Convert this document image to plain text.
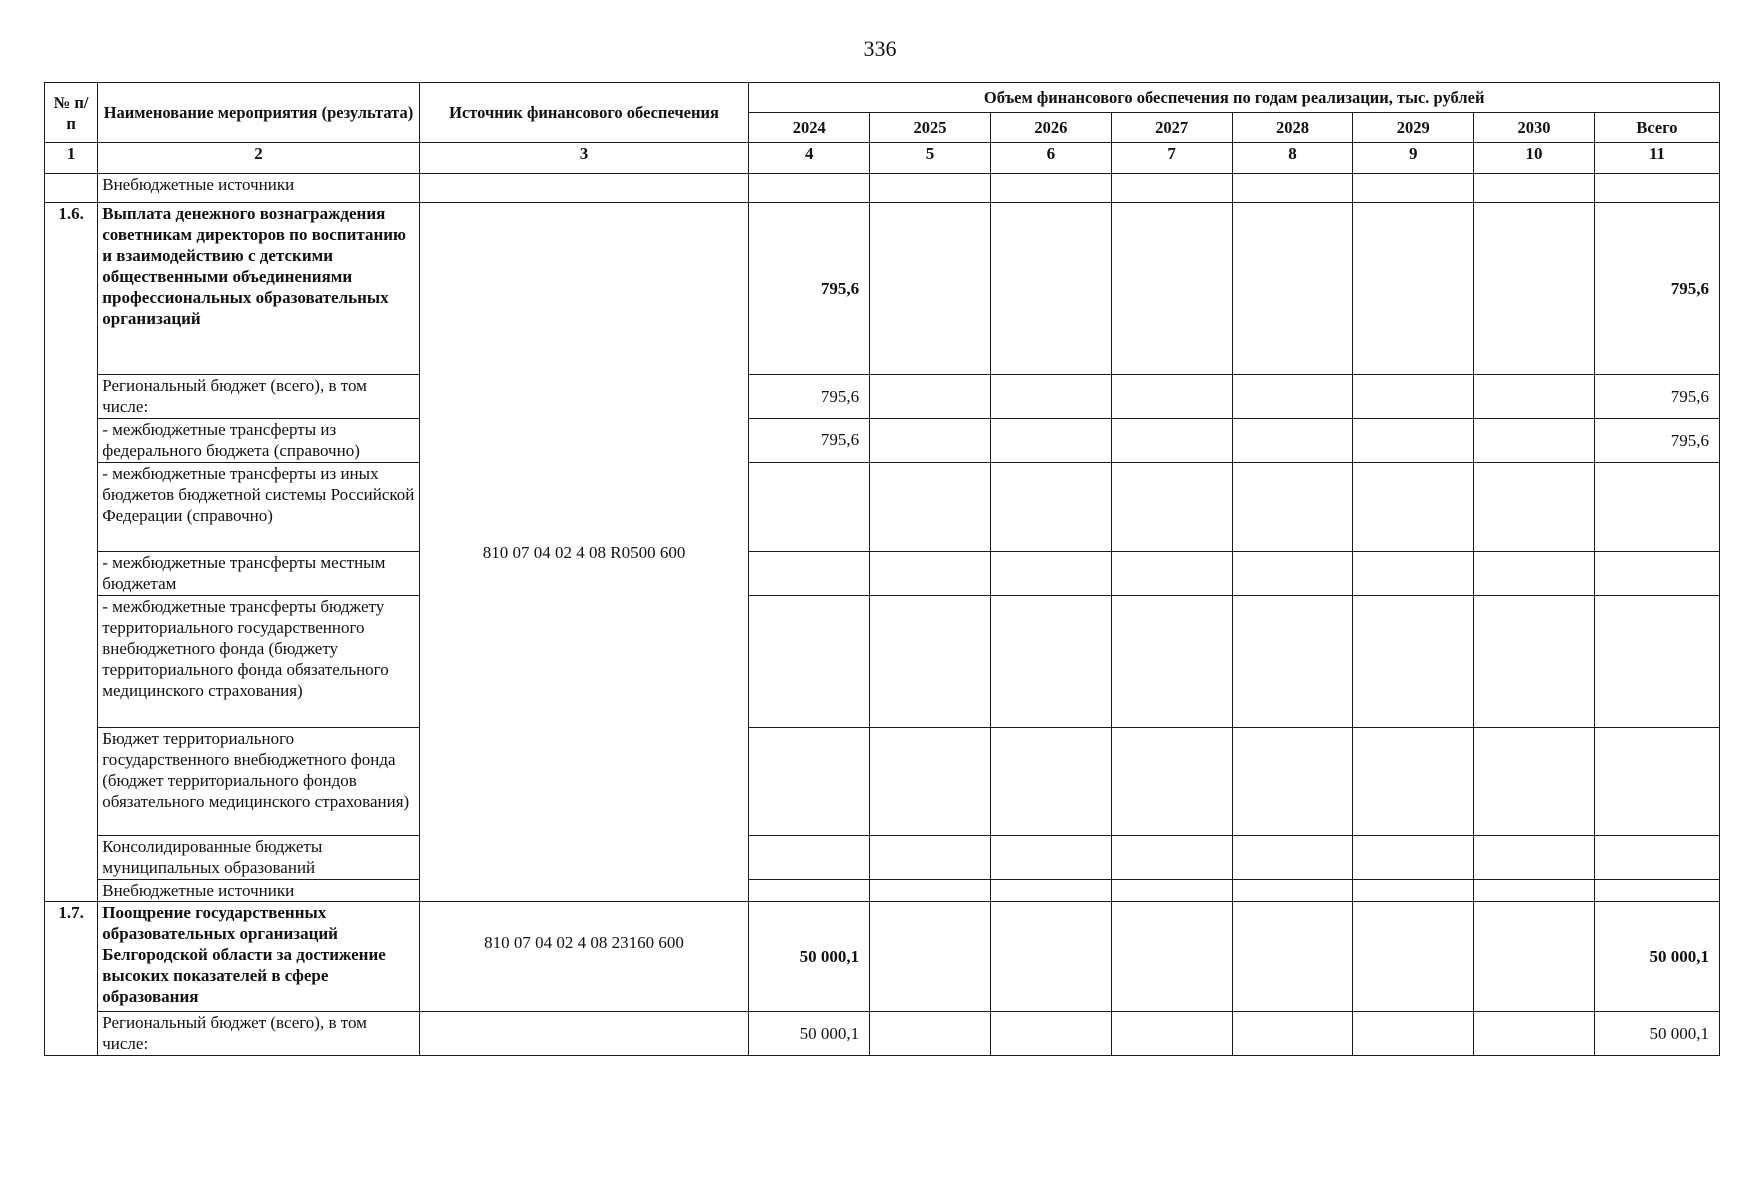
336
№ п/п	Наименование мероприятия (результата)	Источник финансового обеспечения	Объем финансового обеспечения по годам реализации, тыс. рублей							
			2024	2025	2026	2027	2028	2029	2030	Всего
1	2	3	4	5	6	7	8	9	10	11
	Внебюджетные источники									
1.6.	Выплата денежного вознаграждения советникам директоров по воспитанию и взаимодействию с детскими общественными объединениями профессиональных образовательных организаций	810 07 04 02 4 08 R0500 600	795,6							795,6
	Региональный бюджет (всего), в том числе:		795,6							795,6
	- межбюджетные трансферты из федерального бюджета (справочно)		795,6							795,6
	- межбюджетные трансферты из иных бюджетов бюджетной системы Российской Федерации (справочно)									
	- межбюджетные трансферты местным бюджетам									
	- межбюджетные трансферты бюджету территориального государственного внебюджетного фонда (бюджету территориального фонда обязательного медицинского страхования)									
	Бюджет территориального государственного внебюджетного фонда (бюджет территориального фондов обязательного медицинского страхования)									
	Консолидированные бюджеты муниципальных образований									
	Внебюджетные источники									
1.7.	Поощрение государственных образовательных организаций Белгородской области за достижение высоких показателей в сфере образования	810 07 04 02 4 08 23160 600	50 000,1							50 000,1
	Региональный бюджет (всего), в том числе:		50 000,1							50 000,1
